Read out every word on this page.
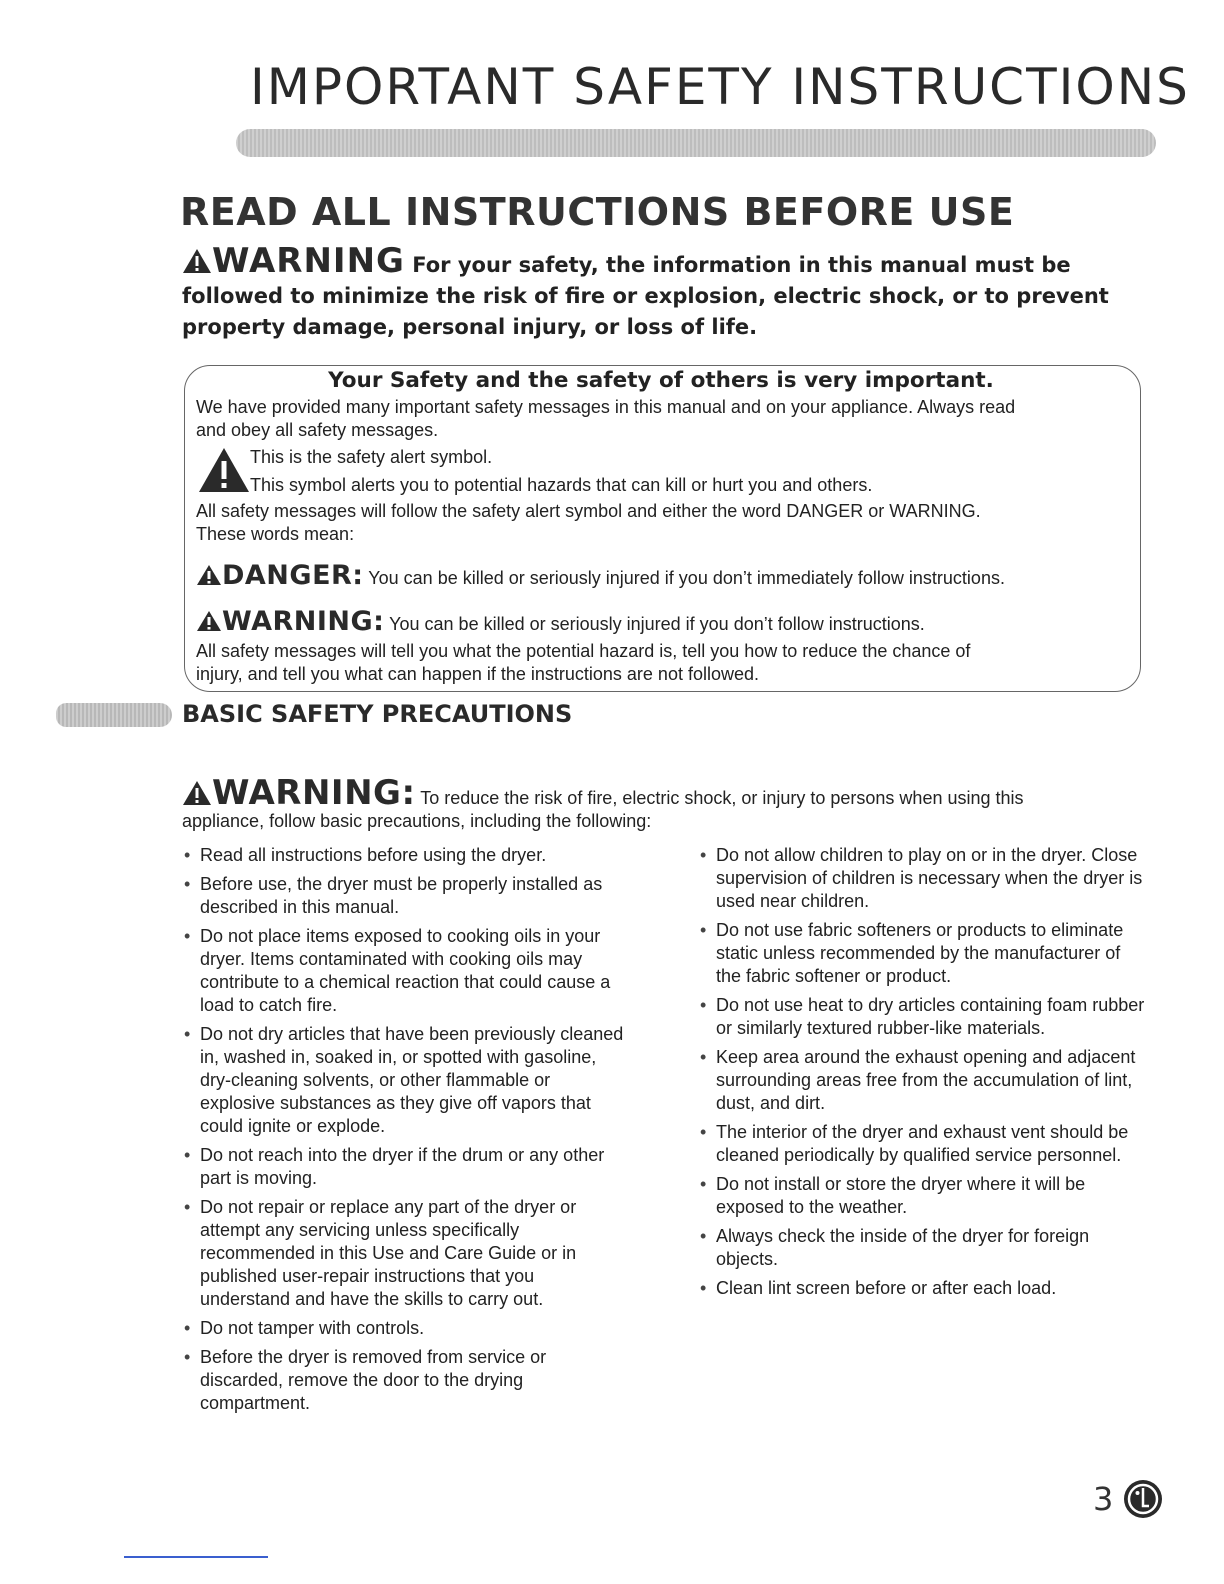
IMPORTANT SAFETY INSTRUCTIONS
READ ALL INSTRUCTIONS BEFORE USE
WARNING For your safety, the information in this manual must be followed to minimize the risk of fire or explosion, electric shock, or to prevent property damage, personal injury, or loss of life.
Your Safety and the safety of others is very important.
We have provided many important safety messages in this manual and on your appliance. Always read
and obey all safety messages.
This is the safety alert symbol.
This symbol alerts you to potential hazards that can kill or hurt you and others.
All safety messages will follow the safety alert symbol and either the word DANGER or WARNING.
These words mean:
DANGER: You can be killed or seriously injured if you don’t immediately follow instructions.
WARNING: You can be killed or seriously injured if you don’t follow instructions.
All safety messages will tell you what the potential hazard is, tell you how to reduce the chance of
injury, and tell you what can happen if the instructions are not followed.
BASIC SAFETY PRECAUTIONS
WARNING: To reduce the risk of fire, electric shock, or injury to persons when using this
appliance, follow basic precautions, including the following:
• Read all instructions before using the dryer.
• Before use, the dryer must be properly installed as described in this manual.
• Do not place items exposed to cooking oils in your dryer. Items contaminated with cooking oils may contribute to a chemical reaction that could cause a load to catch fire.
• Do not dry articles that have been previously cleaned in, washed in, soaked in, or spotted with gasoline, dry-cleaning solvents, or other flammable or explosive substances as they give off vapors that could ignite or explode.
• Do not reach into the dryer if the drum or any other part is moving.
• Do not repair or replace any part of the dryer or attempt any servicing unless specifically recommended in this Use and Care Guide or in published user-repair instructions that you understand and have the skills to carry out.
• Do not tamper with controls.
• Before the dryer is removed from service or discarded, remove the door to the drying compartment.
• Do not allow children to play on or in the dryer. Close supervision of children is necessary when the dryer is used near children.
• Do not use fabric softeners or products to eliminate static unless recommended by the manufacturer of the fabric softener or product.
• Do not use heat to dry articles containing foam rubber or similarly textured rubber-like materials.
• Keep area around the exhaust opening and adjacent surrounding areas free from the accumulation of lint, dust, and dirt.
• The interior of the dryer and exhaust vent should be cleaned periodically by qualified service personnel.
• Do not install or store the dryer where it will be exposed to the weather.
• Always check the inside of the dryer for foreign objects.
• Clean lint screen before or after each load.
3
